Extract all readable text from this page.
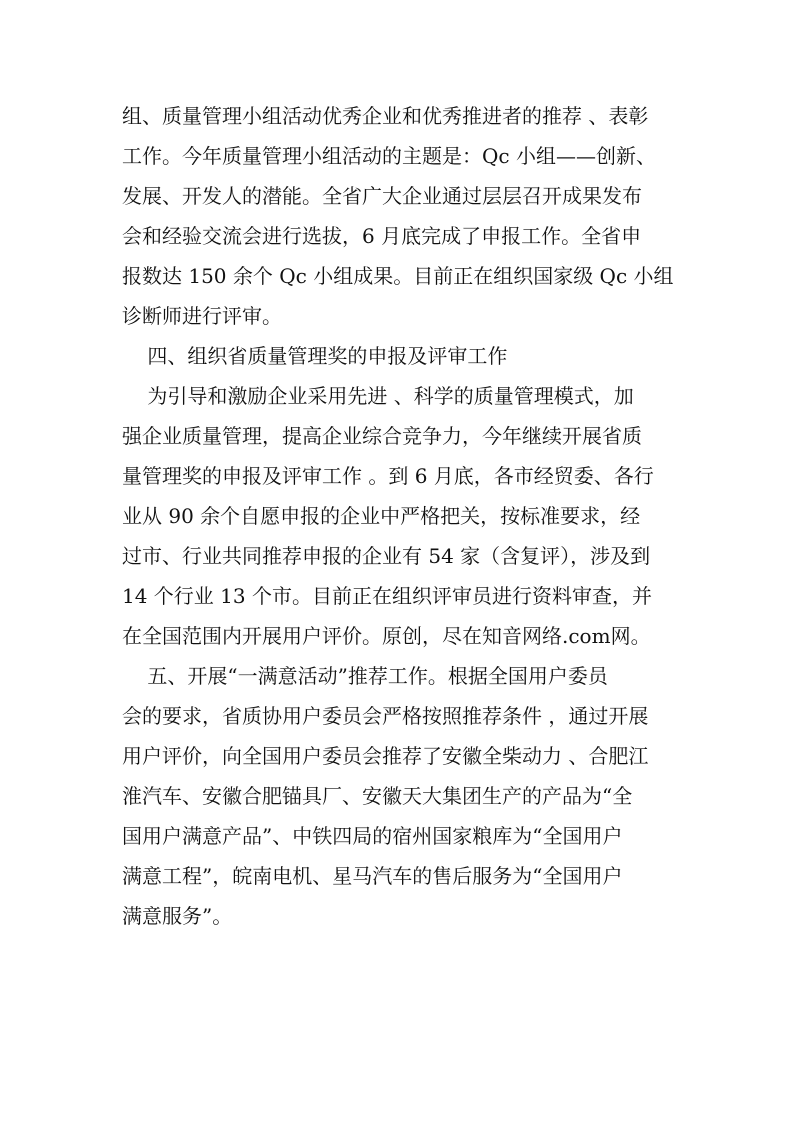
组、质量管理小组活动优秀企业和优秀推进者的推荐 、表彰
工作。今年质量管理小组活动的主题是：Qc 小组——创新、
发展、开发人的潜能。全省广大企业通过层层召开成果发布
会和经验交流会进行选拔，6 月底完成了申报工作。全省申
报数达 150 余个 Qc 小组成果。目前正在组织国家级 Qc 小组
诊断师进行评审。
四、组织省质量管理奖的申报及评审工作
为引导和激励企业采用先进 、科学的质量管理模式，加
强企业质量管理，提高企业综合竞争力，今年继续开展省质
量管理奖的申报及评审工作 。到 6 月底，各市经贸委、各行
业从 90 余个自愿申报的企业中严格把关，按标准要求，经
过市、行业共同推荐申报的企业有 54 家（含复评），涉及到
14 个行业 13 个市。目前正在组织评审员进行资料审查，并
在全国范围内开展用户评价。原创，尽在知音网络.com网。
五、开展“一满意活动”推荐工作。根据全国用户委员
会的要求，省质协用户委员会严格按照推荐条件 ，通过开展
用户评价，向全国用户委员会推荐了安徽全柴动力 、合肥江
淮汽车、安徽合肥锚具厂、安徽天大集团生产的产品为“全
国用户满意产品”、中铁四局的宿州国家粮库为“全国用户
满意工程”，皖南电机、星马汽车的售后服务为“全国用户
满意服务”。
